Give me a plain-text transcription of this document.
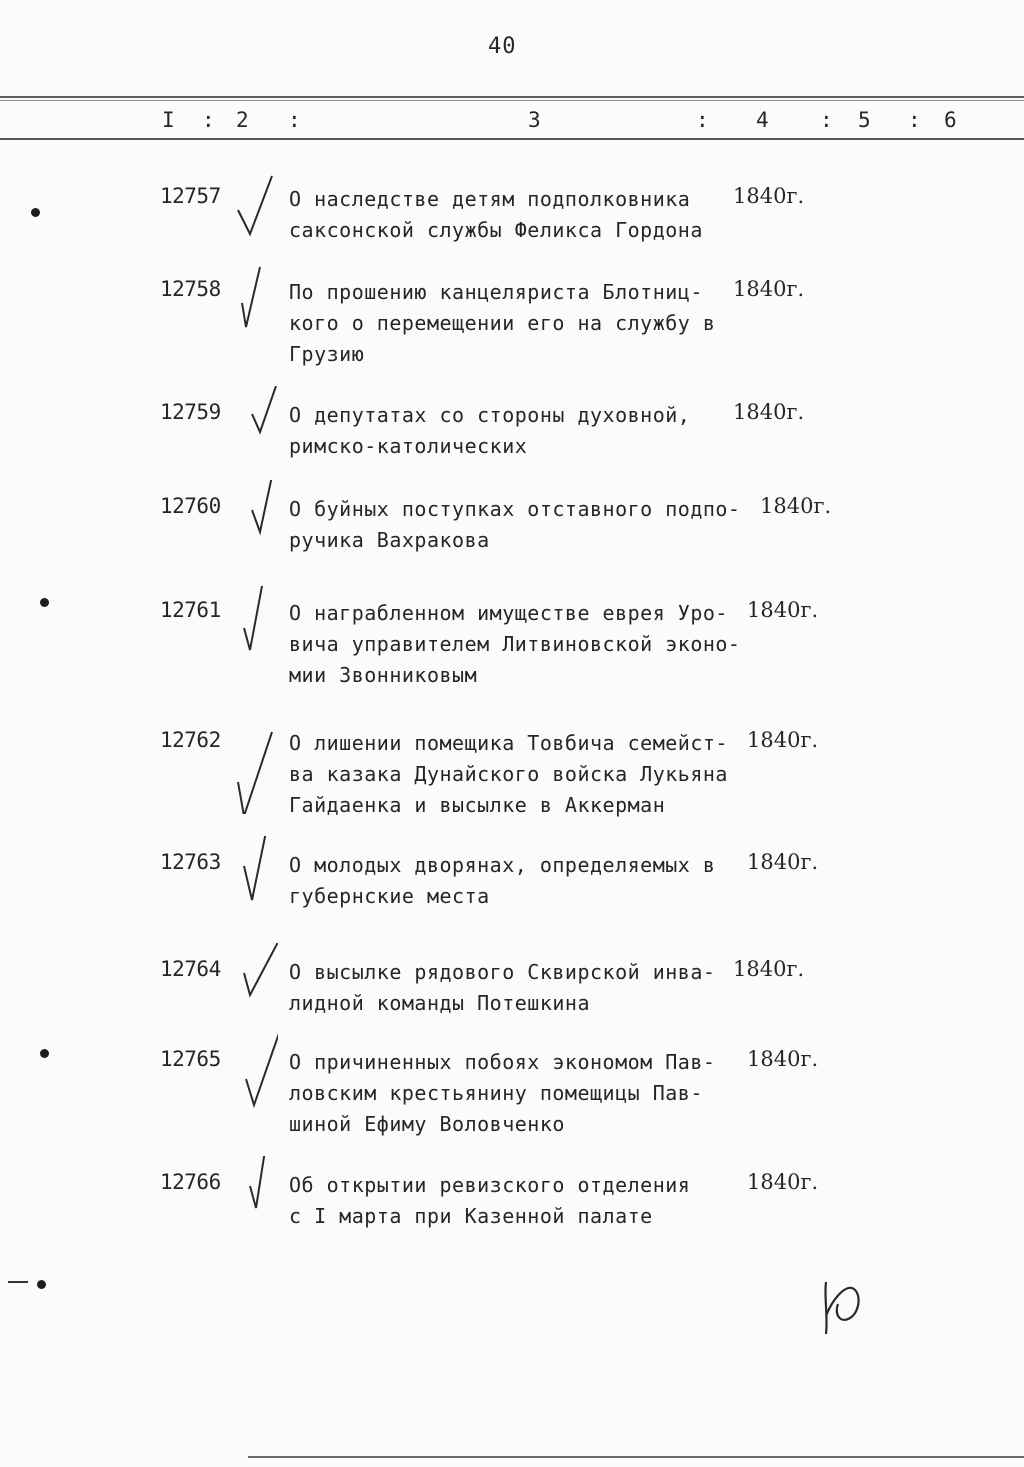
40
I : 2 :	3	: 4 : 5 : 6
12757	О наследстве детям подполковника
саксонской службы Феликса Гордона
1840г.
12758	По прошению канцеляриста Блотниц-
кого о перемещении его на службу в
Грузию
1840г.
12759	О депутатах со стороны духовной,
римско-католических
1840г.
12760	О буйных поступках отставного подпо-
ручика Вахракова
1840г.
12761	О награбленном имуществе еврея Уро-
вича управителем Литвиновской эконо-
мии Звонниковым
1840г.
12762	О лишении помещика Товбича семейст-
ва казака Дунайского войска Лукьяна
Гайдаенка и высылке в Аккерман
1840г.
12763	О молодых дворянах, определяемых в
губернские места
1840г.
12764	О высылке рядового Сквирской инва-
лидной команды Потешкина
1840г.
12765	О причиненных побоях экономом Пав-
ловским крестьянину помещицы Пав-
шиной Ефиму Воловченко
1840г.
12766	Об открытии ревизского отделения
с I марта при Казенной палате
1840г.
